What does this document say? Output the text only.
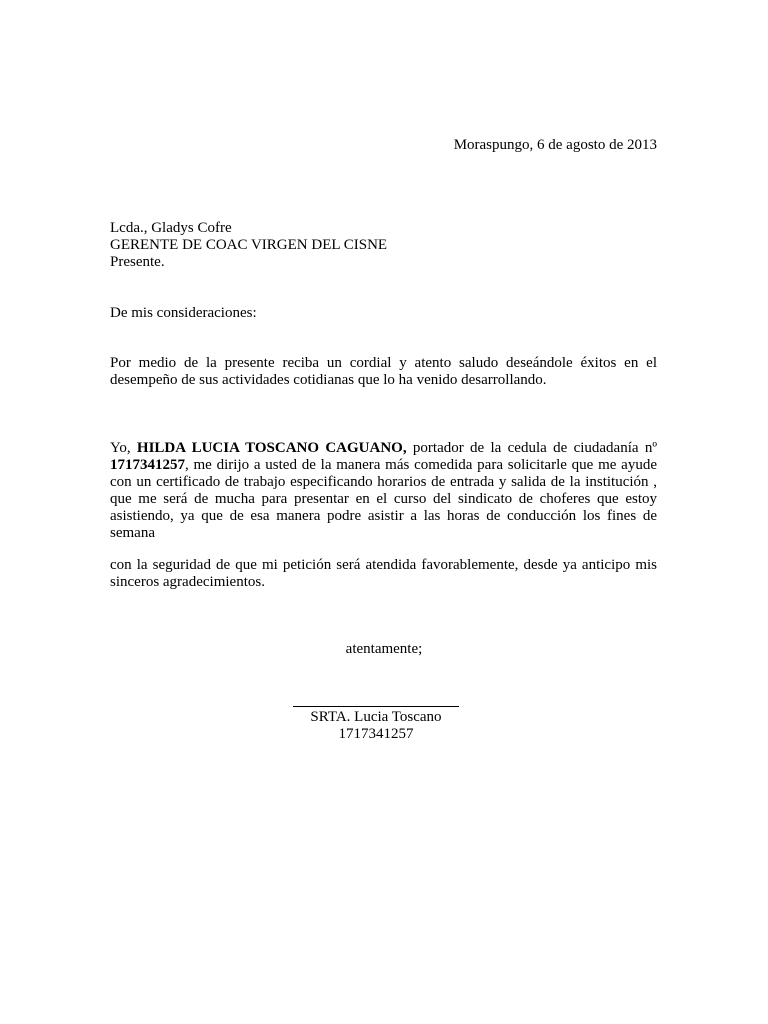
Moraspungo, 6 de agosto de 2013
Lcda., Gladys Cofre
GERENTE DE COAC VIRGEN DEL CISNE
Presente.
De mis consideraciones:

Por medio de la presente reciba un cordial y atento saludo deseándole éxitos en el desempeño de sus actividades cotidianas que lo ha venido desarrollando.

Yo, HILDA LUCIA TOSCANO CAGUANO, portador de la cedula de ciudadanía nº 1717341257, me dirijo a usted de la manera más comedida para solicitarle que me ayude con un certificado de trabajo especificando horarios de entrada y salida de la institución , que me será de mucha para presentar en el curso del sindicato de choferes que estoy asistiendo, ya que de esa manera podre asistir a las horas de conducción los fines de semana

con la seguridad de que mi petición será atendida favorablemente, desde ya anticipo mis sinceros agradecimientos.

atentamente;
SRTA. Lucia Toscano
1717341257
